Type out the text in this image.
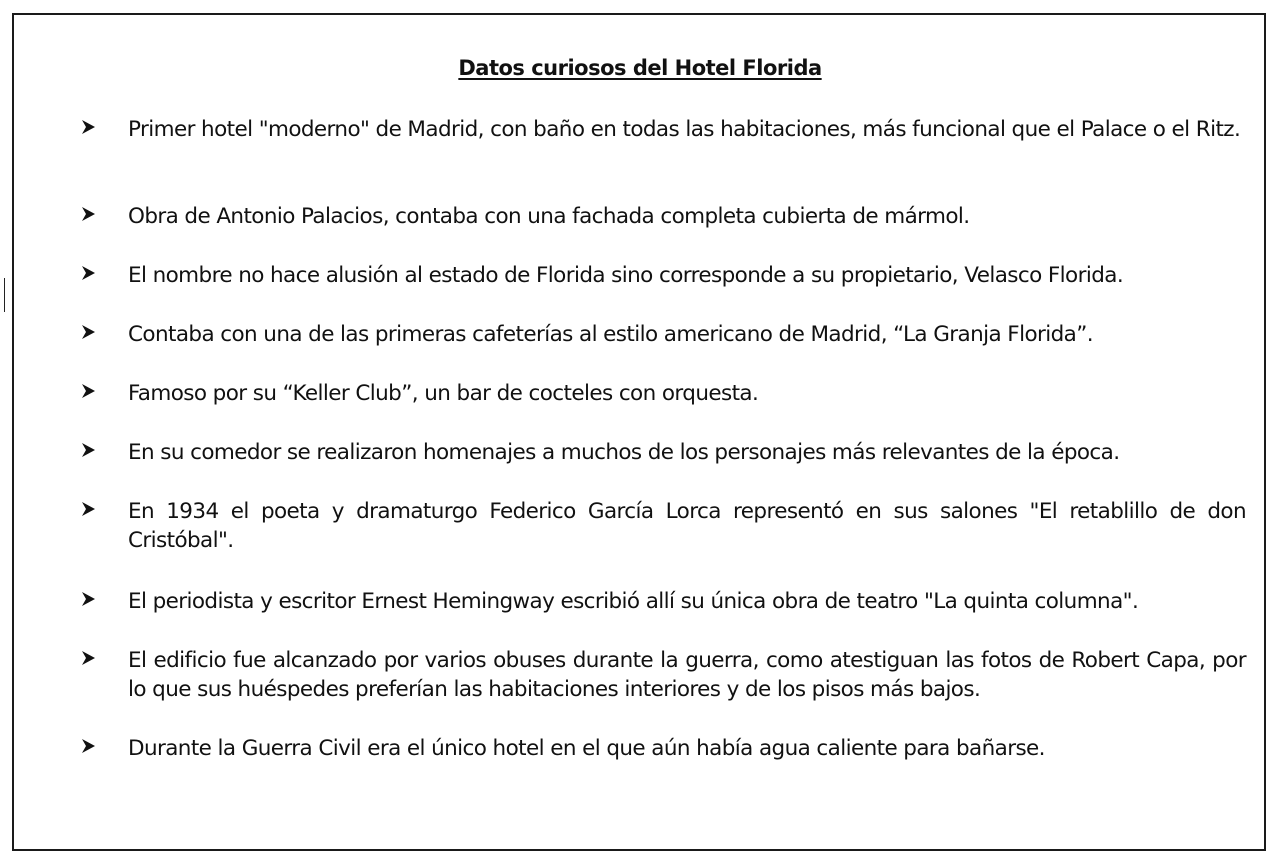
Datos curiosos del Hotel Florida

Primer hotel "moderno" de Madrid, con baño en todas las habitaciones, más funcional que el Palace o el Ritz.

Obra de Antonio Palacios, contaba con una fachada completa cubierta de mármol.

El nombre no hace alusión al estado de Florida sino corresponde a su propietario, Velasco Florida.

Contaba con una de las primeras cafeterías al estilo americano de Madrid, “La Granja Florida”.

Famoso por su “Keller Club”, un bar de cocteles con orquesta.

En su comedor se realizaron homenajes a muchos de los personajes más relevantes de la época.

En 1934 el poeta y dramaturgo Federico García Lorca representó en sus salones "El retablillo de don Cristóbal".

El periodista y escritor Ernest Hemingway escribió allí su única obra de teatro "La quinta columna".

El edificio fue alcanzado por varios obuses durante la guerra, como atestiguan las fotos de Robert Capa, por lo que sus huéspedes preferían las habitaciones interiores y de los pisos más bajos.

Durante la Guerra Civil era el único hotel en el que aún había agua caliente para bañarse.
